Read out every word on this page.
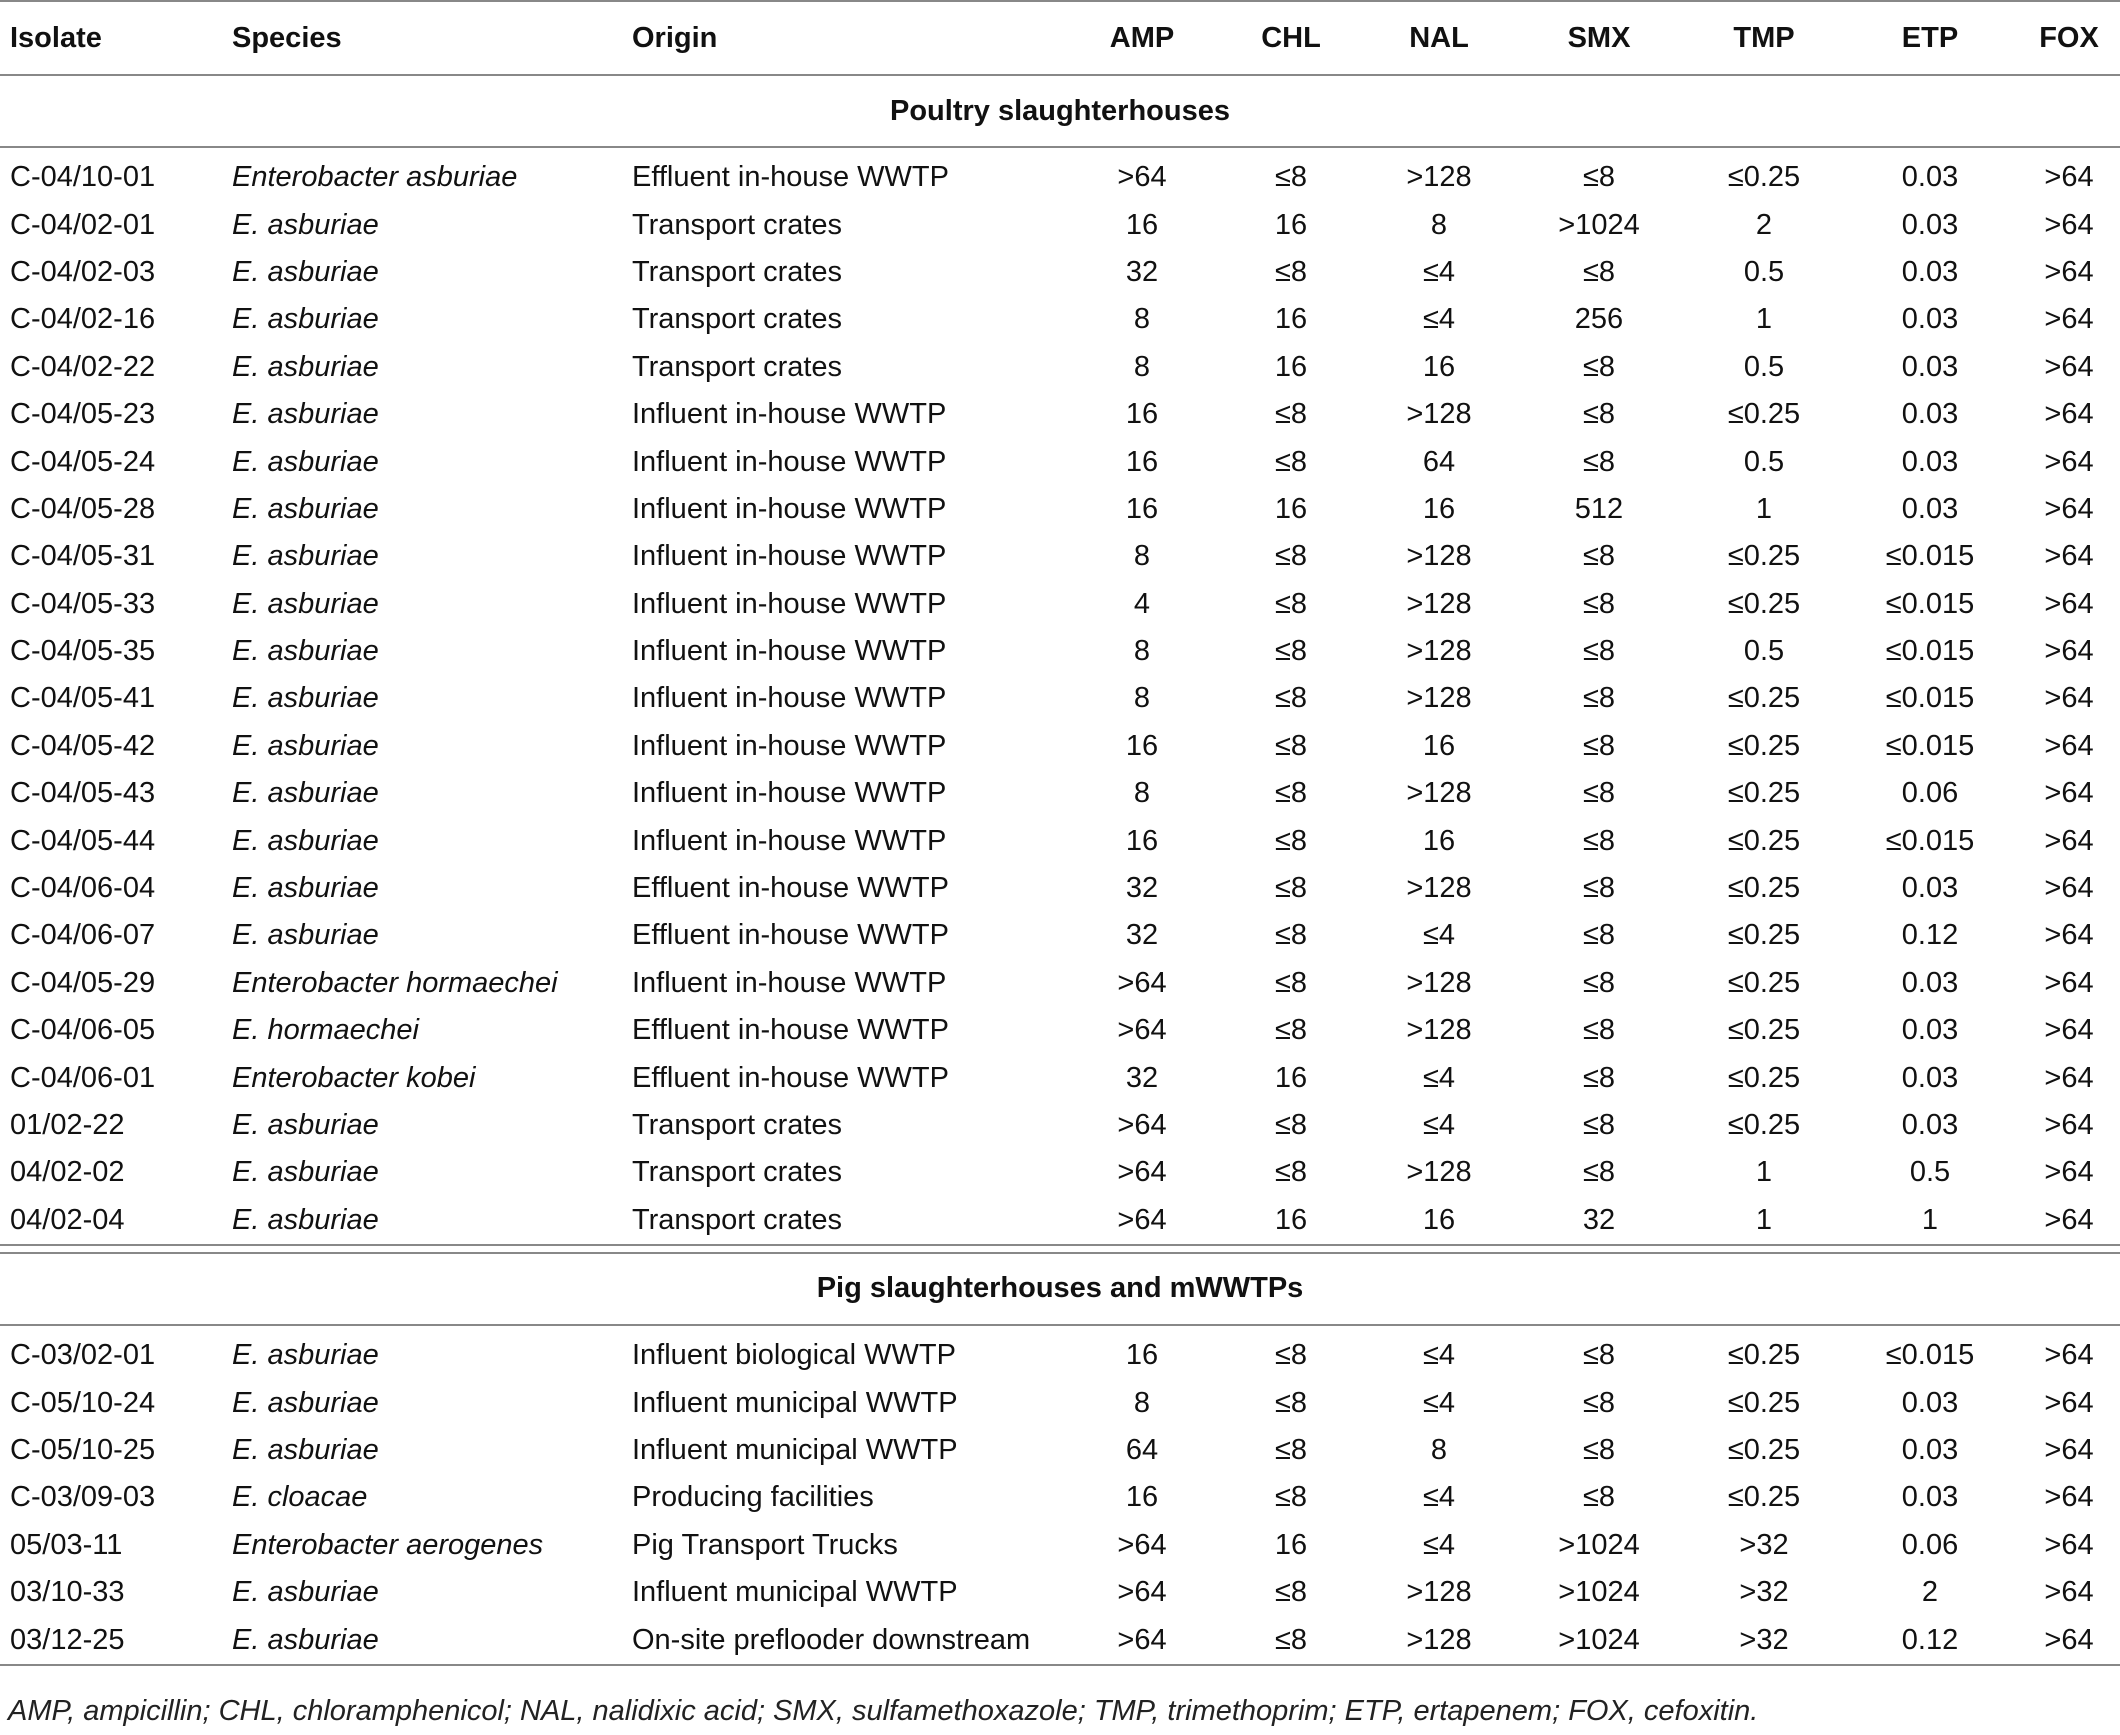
Isolate	Species	Origin	AMP	CHL	NAL	SMX	TMP	ETP	FOX
Poultry slaughterhouses									

C-04/10-01	Enterobacter asburiae	Effluent in-house WWTP	>64	≤8	>128	≤8	≤0.25	0.03	>64
C-04/02-01	E. asburiae	Transport crates	16	16	8	>1024	2	0.03	>64
C-04/02-03	E. asburiae	Transport crates	32	≤8	≤4	≤8	0.5	0.03	>64
C-04/02-16	E. asburiae	Transport crates	8	16	≤4	256	1	0.03	>64
C-04/02-22	E. asburiae	Transport crates	8	16	16	≤8	0.5	0.03	>64
C-04/05-23	E. asburiae	Influent in-house WWTP	16	≤8	>128	≤8	≤0.25	0.03	>64
C-04/05-24	E. asburiae	Influent in-house WWTP	16	≤8	64	≤8	0.5	0.03	>64
C-04/05-28	E. asburiae	Influent in-house WWTP	16	16	16	512	1	0.03	>64
C-04/05-31	E. asburiae	Influent in-house WWTP	8	≤8	>128	≤8	≤0.25	≤0.015	>64
C-04/05-33	E. asburiae	Influent in-house WWTP	4	≤8	>128	≤8	≤0.25	≤0.015	>64
C-04/05-35	E. asburiae	Influent in-house WWTP	8	≤8	>128	≤8	0.5	≤0.015	>64
C-04/05-41	E. asburiae	Influent in-house WWTP	8	≤8	>128	≤8	≤0.25	≤0.015	>64
C-04/05-42	E. asburiae	Influent in-house WWTP	16	≤8	16	≤8	≤0.25	≤0.015	>64
C-04/05-43	E. asburiae	Influent in-house WWTP	8	≤8	>128	≤8	≤0.25	0.06	>64
C-04/05-44	E. asburiae	Influent in-house WWTP	16	≤8	16	≤8	≤0.25	≤0.015	>64
C-04/06-04	E. asburiae	Effluent in-house WWTP	32	≤8	>128	≤8	≤0.25	0.03	>64
C-04/06-07	E. asburiae	Effluent in-house WWTP	32	≤8	≤4	≤8	≤0.25	0.12	>64
C-04/05-29	Enterobacter hormaechei	Influent in-house WWTP	>64	≤8	>128	≤8	≤0.25	0.03	>64
C-04/06-05	E. hormaechei	Effluent in-house WWTP	>64	≤8	>128	≤8	≤0.25	0.03	>64
C-04/06-01	Enterobacter kobei	Effluent in-house WWTP	32	16	≤4	≤8	≤0.25	0.03	>64
01/02-22	E. asburiae	Transport crates	>64	≤8	≤4	≤8	≤0.25	0.03	>64
04/02-02	E. asburiae	Transport crates	>64	≤8	>128	≤8	1	0.5	>64
04/02-04	E. asburiae	Transport crates	>64	16	16	32	1	1	>64

Pig slaughterhouses and mWWTPs									

C-03/02-01	E. asburiae	Influent biological WWTP	16	≤8	≤4	≤8	≤0.25	≤0.015	>64
C-05/10-24	E. asburiae	Influent municipal WWTP	8	≤8	≤4	≤8	≤0.25	0.03	>64
C-05/10-25	E. asburiae	Influent municipal WWTP	64	≤8	8	≤8	≤0.25	0.03	>64
C-03/09-03	E. cloacae	Producing facilities	16	≤8	≤4	≤8	≤0.25	0.03	>64
05/03-11	Enterobacter aerogenes	Pig Transport Trucks	>64	16	≤4	>1024	>32	0.06	>64
03/10-33	E. asburiae	Influent municipal WWTP	>64	≤8	>128	>1024	>32	2	>64
03/12-25	E. asburiae	On-site preflooder downstream	>64	≤8	>128	>1024	>32	0.12	>64
AMP, ampicillin; CHL, chloramphenicol; NAL, nalidixic acid; SMX, sulfamethoxazole; TMP, trimethoprim; ETP, ertapenem; FOX, cefoxitin.
